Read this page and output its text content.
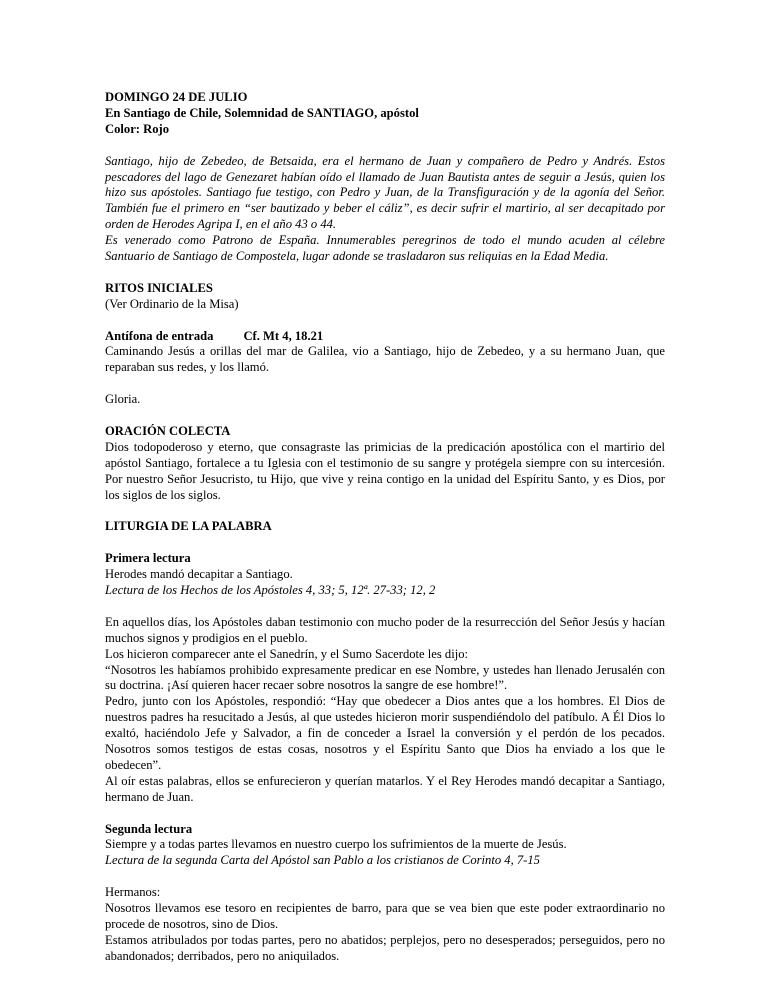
DOMINGO 24 DE JULIO

En Santiago de Chile, Solemnidad de SANTIAGO, apóstol

Color: Rojo

Santiago, hijo de Zebedeo, de Betsaida, era el hermano de Juan y compañero de Pedro y Andrés. Estos pescadores del lago de Genezaret habían oído el llamado de Juan Bautista antes de seguir a Jesús, quien los hizo sus apóstoles. Santiago fue testigo, con Pedro y Juan, de la Transfiguración y de la agonía del Señor. También fue el primero en “ser bautizado y beber el cáliz”, es decir sufrir el martirio, al ser decapitado por orden de Herodes Agripa I, en el año 43 o 44.

Es venerado como Patrono de España. Innumerables peregrinos de todo el mundo acuden al célebre Santuario de Santiago de Compostela, lugar adonde se trasladaron sus reliquias en la Edad Media.

RITOS INICIALES

(Ver Ordinario de la Misa)

Antífona de entrada Cf. Mt 4, 18.21

Caminando Jesús a orillas del mar de Galilea, vio a Santiago, hijo de Zebedeo, y a su hermano Juan, que reparaban sus redes, y los llamó.

Gloria.

ORACIÓN COLECTA

Dios todopoderoso y eterno, que consagraste las primicias de la predicación apostólica con el martirio del apóstol Santiago, fortalece a tu Iglesia con el testimonio de su sangre y protégela siempre con su intercesión. Por nuestro Señor Jesucristo, tu Hijo, que vive y reina contigo en la unidad del Espíritu Santo, y es Dios, por los siglos de los siglos.

LITURGIA DE LA PALABRA

Primera lectura

Herodes mandó decapitar a Santiago.

Lectura de los Hechos de los Apóstoles 4, 33; 5, 12ª. 27-33; 12, 2

En aquellos días, los Apóstoles daban testimonio con mucho poder de la resurrección del Señor Jesús y hacían muchos signos y prodigios en el pueblo.

Los hicieron comparecer ante el Sanedrín, y el Sumo Sacerdote les dijo:

“Nosotros les habíamos prohibido expresamente predicar en ese Nombre, y ustedes han llenado Jerusalén con su doctrina. ¡Así quieren hacer recaer sobre nosotros la sangre de ese hombre!”.

Pedro, junto con los Apóstoles, respondió: “Hay que obedecer a Dios antes que a los hombres. El Dios de nuestros padres ha resucitado a Jesús, al que ustedes hicieron morir suspendiéndolo del patíbulo. A Él Dios lo exaltó, haciéndolo Jefe y Salvador, a fin de conceder a Israel la conversión y el perdón de los pecados. Nosotros somos testigos de estas cosas, nosotros y el Espíritu Santo que Dios ha enviado a los que le obedecen”.

Al oír estas palabras, ellos se enfurecieron y querían matarlos. Y el Rey Herodes mandó decapitar a Santiago, hermano de Juan.

Segunda lectura

Siempre y a todas partes llevamos en nuestro cuerpo los sufrimientos de la muerte de Jesús.

Lectura de la segunda Carta del Apóstol san Pablo a los cristianos de Corinto 4, 7-15

Hermanos:

Nosotros llevamos ese tesoro en recipientes de barro, para que se vea bien que este poder extraordinario no procede de nosotros, sino de Dios.

Estamos atribulados por todas partes, pero no abatidos; perplejos, pero no desesperados; perseguidos, pero no abandonados; derribados, pero no aniquilados.
